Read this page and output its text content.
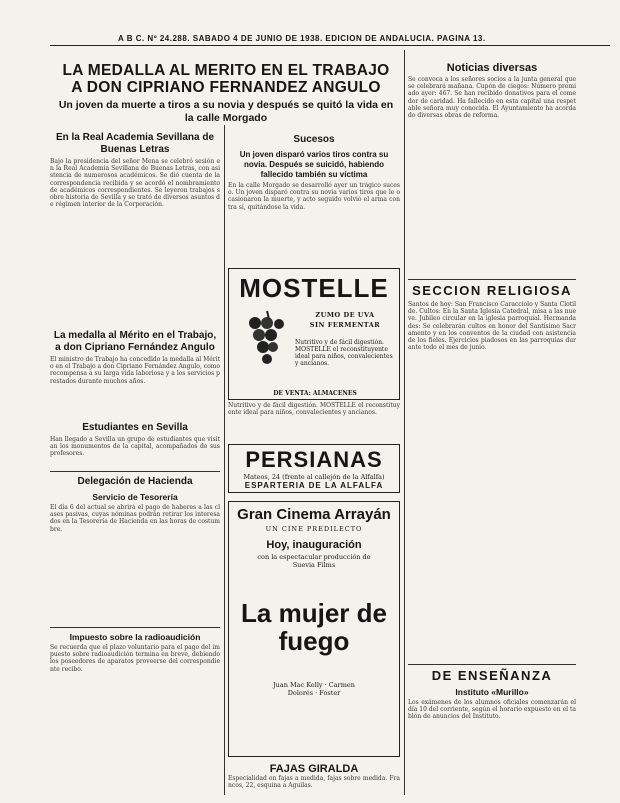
A B C. Nº 24.288. SABADO 4 DE JUNIO DE 1938. EDICION DE ANDALUCIA. PAGINA 13.
LA MEDALLA AL MERITO EN EL TRABAJO
A DON CIPRIANO FERNANDEZ ANGULO
Un joven da muerte a tiros a su novia y después se quitó la vida en
la calle Morgado
En la Real Academia Sevillana de Buenas Letras
Bajo la presidencia del señor Mena se celebró sesión en la Real Academia Sevillana de Buenas Letras, con asistencia de numerosos académicos. Se dió cuenta de la correspondencia recibida y se acordó el nombramiento de académicos correspondientes. Se leyeron trabajos sobre historia de Sevilla y se trató de diversos asuntos de régimen interior de la Corporación.
La medalla al Mérito en el Trabajo, a don Cipriano Fernández Angulo
El ministro de Trabajo ha concedido la medalla al Mérito en el Trabajo a don Cipriano Fernández Angulo, como recompensa a su larga vida laboriosa y a los servicios prestados durante muchos años.
Estudiantes en Sevilla
Han llegado a Sevilla un grupo de estudiantes que visitan los monumentos de la capital, acompañados de sus profesores.
Delegación de Hacienda
Servicio de Tesorería
El día 6 del actual se abrirá el pago de haberes a las clases pasivas, cuyas nóminas podrán retirar los interesados en la Tesorería de Hacienda en las horas de costumbre.
Impuesto sobre la radioaudición
Se recuerda que el plazo voluntario para el pago del impuesto sobre radioaudición termina en breve, debiendo los poseedores de aparatos proveerse del correspondiente recibo.
Sucesos
Un joven disparó varios tiros contra su novia. Después se suicidó, habiendo fallecido también su víctima
En la calle Morgado se desarrolló ayer un trágico suceso. Un joven disparó contra su novia varios tiros que le ocasionaron la muerte, y acto seguido volvió el arma contra sí, quitándose la vida.
MOSTELLE
ZUMO DE UVA
SIN FERMENTAR
Nutritivo y de fácil digestión. MOSTELLE el reconstituyente ideal para niños, convalecientes y ancianos.
DE VENTA: ALMACENES
Nutritivo y de fácil digestión. MOSTELLE el reconstituyente ideal para niños, convalecientes y ancianos.
PERSIANAS
Mateos, 24 (frente al callejón de la Alfalfa)
ESPARTERIA DE LA ALFALFA
Gran Cinema Arrayán
UN CINE PREDILECTO
Hoy, inauguración
con la espectacular producción de Suevia Films
La mujer de fuego
Juan Mac Kelly · Carmen
Dolorés · Foster
FAJAS GIRALDA
Especialidad en fajas a medida, fajas sobre medida. Francos, 22, esquina a Aguilas.
Noticias diversas
Se convoca a los señores socios a la junta general que se celebrará mañana. Cupón de ciegos: Número premiado ayer: 467. Se han recibido donativos para el comedor de caridad. Ha fallecido en esta capital una respetable señora muy conocida. El Ayuntamiento ha acordado diversas obras de reforma.
SECCION RELIGIOSA
Santos de hoy: San Francisco Caracciolo y Santa Clotilde. Cultos: En la Santa Iglesia Catedral, misa a las nueve. Jubileo circular en la iglesia parroquial. Hermandades: Se celebrarán cultos en honor del Santísimo Sacramento y en los conventos de la ciudad con asistencia de los fieles. Ejercicios piadosos en las parroquias durante todo el mes de junio.
DE ENSEÑANZA
Instituto «Murillo»
Los exámenes de los alumnos oficiales comenzarán el día 10 del corriente, según el horario expuesto en el tablón de anuncios del Instituto.
